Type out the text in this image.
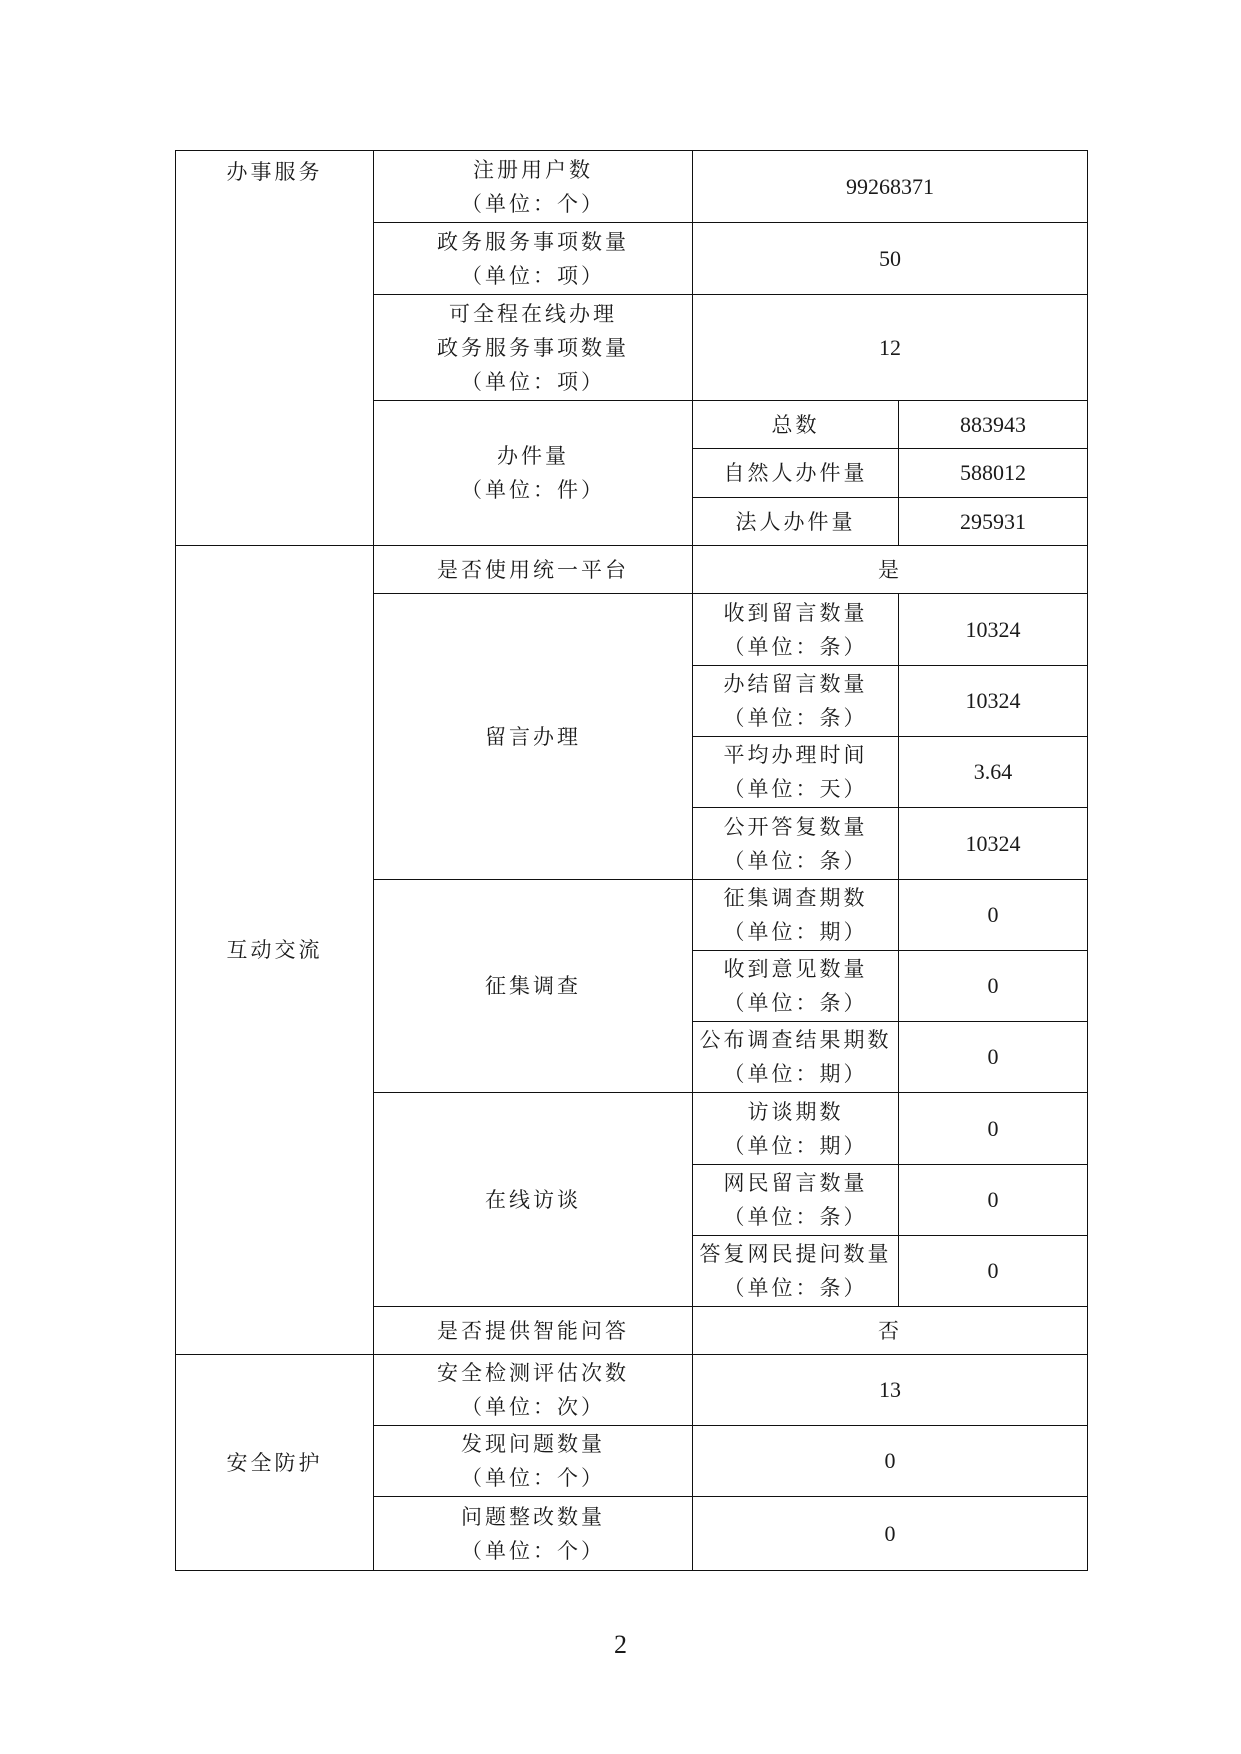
办事服务	注册用户数
（单位：个）	99268371	

	政务服务事项数量
（单位：项）	50	

	可全程在线办理
政务服务事项数量
（单位：项）	12	

	办件量
（单位：件）	总数	883943
		自然人办件量	588012
		法人办件量	295931

互动交流	是否使用统一平台	是	
	留言办理	收到留言数量
（单位：条）	10324

		办结留言数量
（单位：条）	10324

		平均办理时间
（单位：天）	3.64

		公开答复数量
（单位：条）	10324
	征集调查	征集调查期数
（单位：期）	0

		收到意见数量
（单位：条）	0

		公布调查结果期数
（单位：期）	0
	在线访谈	访谈期数
（单位：期）	0

		网民留言数量
（单位：条）	0

		答复网民提问数量
（单位：条）	0
	是否提供智能问答	否	

安全防护	安全检测评估次数
（单位：次）	13	

	发现问题数量
（单位：个）	0	

	问题整改数量
（单位：个）	0	
2
